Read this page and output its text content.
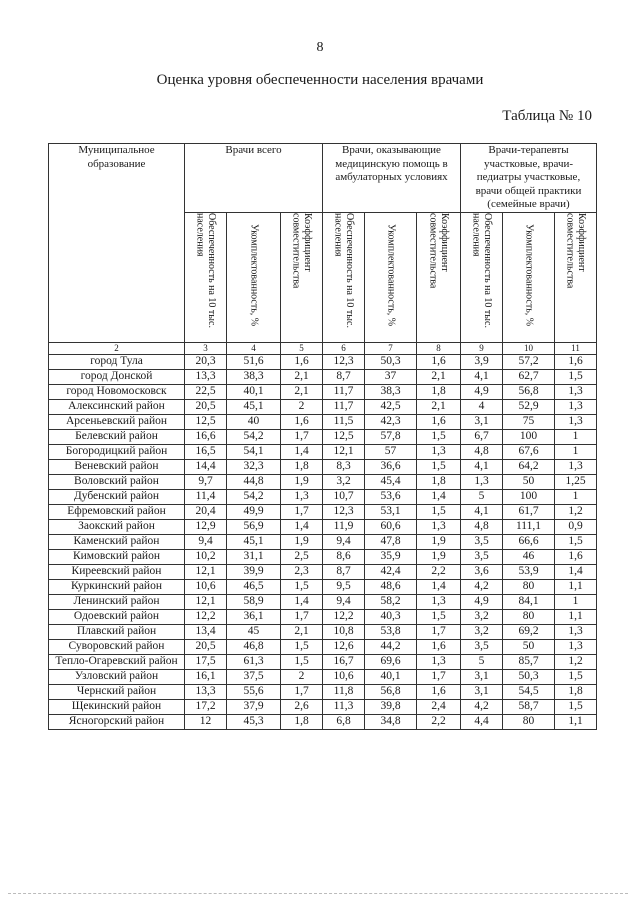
8
Оценка уровня обеспеченности населения врачами
Таблица № 10
Муниципальное образование	Врачи всего			Врачи, оказывающие медицинскую помощь в амбулаторных условиях			Врачи-терапевты участковые, врачи-педиатры участковые, врачи общей практики (семейные врачи)		
	Обеспеченность на 10 тыс. населения	Укомплектованность, %	Коэффициент совместительства	Обеспеченность на 10 тыс. населения	Укомплектованность, %	Коэффициент совместительства	Обеспеченность на 10 тыс. населения	Укомплектованность, %	Коэффициент совместительства
2	3	4	5	6	7	8	9	10	11
город Тула	20,3	51,6	1,6	12,3	50,3	1,6	3,9	57,2	1,6
город Донской	13,3	38,3	2,1	8,7	37	2,1	4,1	62,7	1,5
город Новомосковск	22,5	40,1	2,1	11,7	38,3	1,8	4,9	56,8	1,3
Алексинский район	20,5	45,1	2	11,7	42,5	2,1	4	52,9	1,3
Арсеньевский район	12,5	40	1,6	11,5	42,3	1,6	3,1	75	1,3
Белевский район	16,6	54,2	1,7	12,5	57,8	1,5	6,7	100	1
Богородицкий район	16,5	54,1	1,4	12,1	57	1,3	4,8	67,6	1
Веневский район	14,4	32,3	1,8	8,3	36,6	1,5	4,1	64,2	1,3
Воловский район	9,7	44,8	1,9	3,2	45,4	1,8	1,3	50	1,25
Дубенский район	11,4	54,2	1,3	10,7	53,6	1,4	5	100	1
Ефремовский район	20,4	49,9	1,7	12,3	53,1	1,5	4,1	61,7	1,2
Заокский район	12,9	56,9	1,4	11,9	60,6	1,3	4,8	111,1	0,9
Каменский район	9,4	45,1	1,9	9,4	47,8	1,9	3,5	66,6	1,5
Кимовский район	10,2	31,1	2,5	8,6	35,9	1,9	3,5	46	1,6
Киреевский район	12,1	39,9	2,3	8,7	42,4	2,2	3,6	53,9	1,4
Куркинский район	10,6	46,5	1,5	9,5	48,6	1,4	4,2	80	1,1
Ленинский район	12,1	58,9	1,4	9,4	58,2	1,3	4,9	84,1	1
Одоевский район	12,2	36,1	1,7	12,2	40,3	1,5	3,2	80	1,1
Плавский район	13,4	45	2,1	10,8	53,8	1,7	3,2	69,2	1,3
Суворовский район	20,5	46,8	1,5	12,6	44,2	1,6	3,5	50	1,3
Тепло-Огаревский район	17,5	61,3	1,5	16,7	69,6	1,3	5	85,7	1,2
Узловский район	16,1	37,5	2	10,6	40,1	1,7	3,1	50,3	1,5
Чернский район	13,3	55,6	1,7	11,8	56,8	1,6	3,1	54,5	1,8
Щекинский район	17,2	37,9	2,6	11,3	39,8	2,4	4,2	58,7	1,5
Ясногорский район	12	45,3	1,8	6,8	34,8	2,2	4,4	80	1,1
